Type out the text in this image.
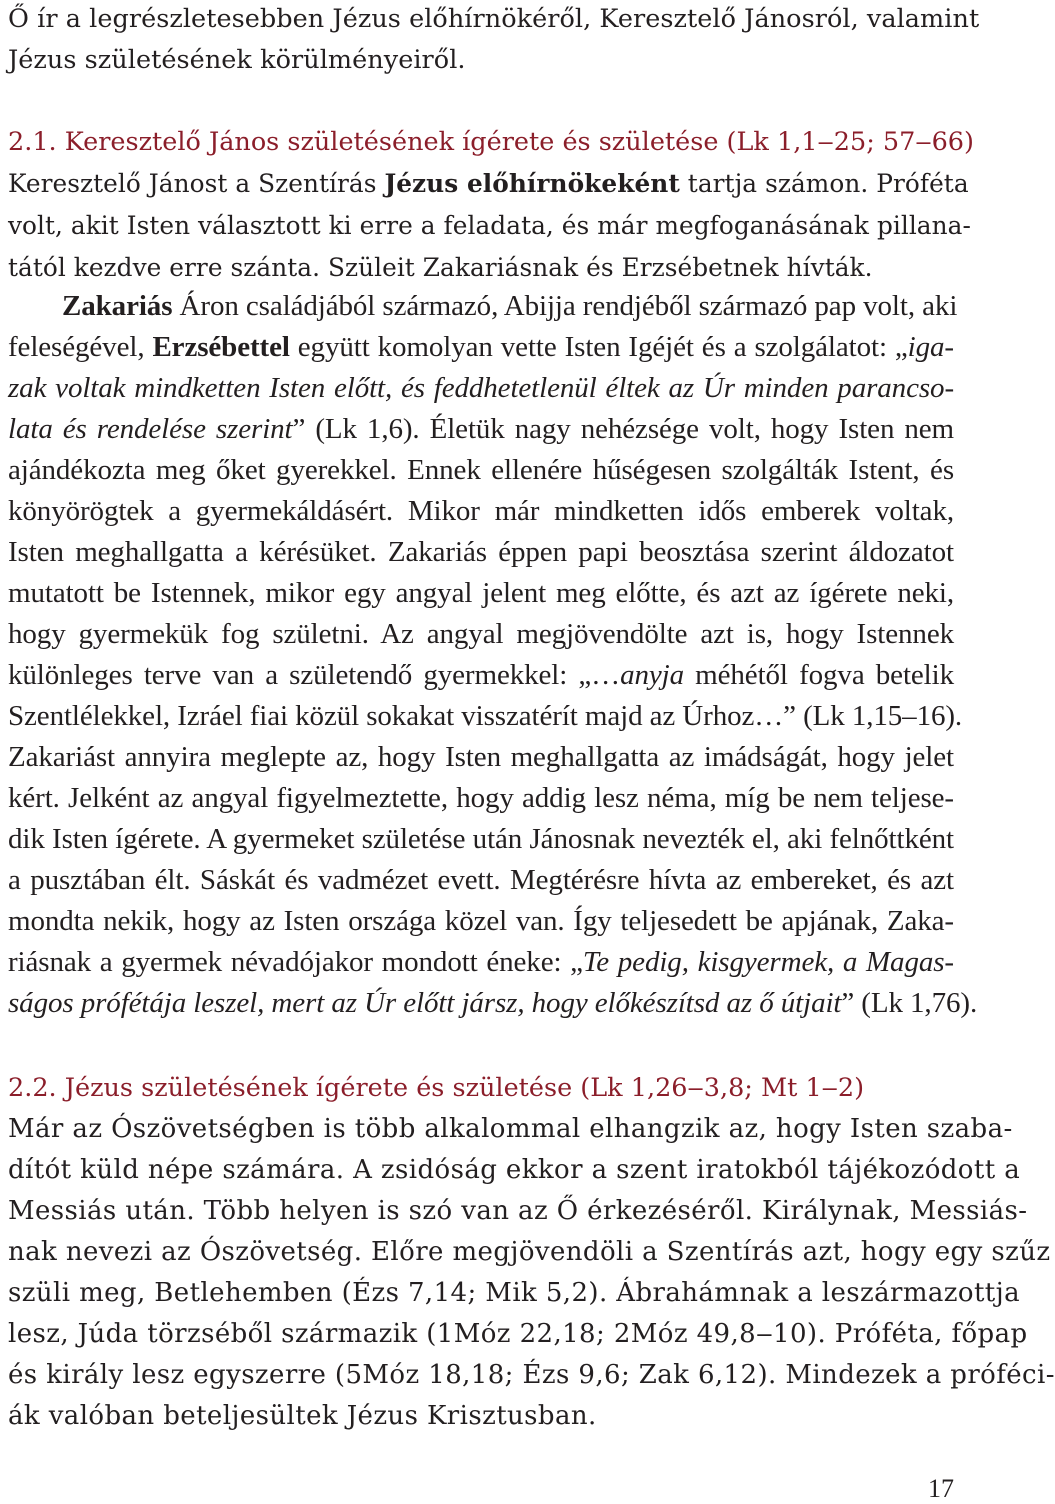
Ő ír a legrészletesebben Jézus előhírnökéről, Keresztelő Jánosról, valamint
Jézus születésének körülményeiről.
2.1. Keresztelő János születésének ígérete és születése (Lk 1,1‒25; 57‒66)
Keresztelő Jánost a Szentírás Jézus előhírnökeként tartja számon. Próféta
volt, akit Isten választott ki erre a feladata, és már megfoganásának pillana-
tától kezdve erre szánta. Szüleit Zakariásnak és Erzsébetnek hívták.
Zakariás Áron családjából származó, Abijja rendjéből származó pap volt, aki
feleségével, Erzsébettel együtt komolyan vette Isten Igéjét és a szolgálatot: „iga-
zak voltak mindketten Isten előtt, és feddhetetlenül éltek az Úr minden parancso-
lata és rendelése szerint” (Lk 1,6). Életük nagy nehézsége volt, hogy Isten nem
ajándékozta meg őket gyerekkel. Ennek ellenére hűségesen szolgálták Istent, és
könyörögtek a gyermekáldásért. Mikor már mindketten idős emberek voltak,
Isten meghallgatta a kérésüket. Zakariás éppen papi beosztása szerint áldozatot
mutatott be Istennek, mikor egy angyal jelent meg előtte, és azt az ígérete neki,
hogy gyermekük fog születni. Az angyal megjövendölte azt is, hogy Istennek
különleges terve van a születendő gyermekkel: „…anyja méhétől fogva betelik
Szentlélekkel, Izráel fiai közül sokakat visszatérít majd az Úrhoz…” (Lk 1,15‒16).
Zakariást annyira meglepte az, hogy Isten meghallgatta az imádságát, hogy jelet
kért. Jelként az angyal figyelmeztette, hogy addig lesz néma, míg be nem teljese-
dik Isten ígérete. A gyermeket születése után Jánosnak nevezték el, aki felnőttként
a pusztában élt. Sáskát és vadmézet evett. Megtérésre hívta az embereket, és azt
mondta nekik, hogy az Isten országa közel van. Így teljesedett be apjának, Zaka-
riásnak a gyermek névadójakor mondott éneke: „Te pedig, kisgyermek, a Magas-
ságos prófétája leszel, mert az Úr előtt jársz, hogy előkészítsd az ő útjait” (Lk 1,76).
2.2. Jézus születésének ígérete és születése (Lk 1,26‒3,8; Mt 1‒2)
Már az Ószövetségben is több alkalommal elhangzik az, hogy Isten szaba-
dítót küld népe számára. A zsidóság ekkor a szent iratokból tájékozódott a
Messiás után. Több helyen is szó van az Ő érkezéséről. Királynak, Messiás-
nak nevezi az Ószövetség. Előre megjövendöli a Szentírás azt, hogy egy szűz
szüli meg, Betlehemben (Ézs 7,14; Mik 5,2). Ábrahámnak a leszármazottja
lesz, Júda törzséből származik (1Móz 22,18; 2Móz 49,8‒10). Próféta, főpap
és király lesz egyszerre (5Móz 18,18; Ézs 9,6; Zak 6,12). Mindezek a próféci-
ák valóban beteljesültek Jézus Krisztusban.
17
